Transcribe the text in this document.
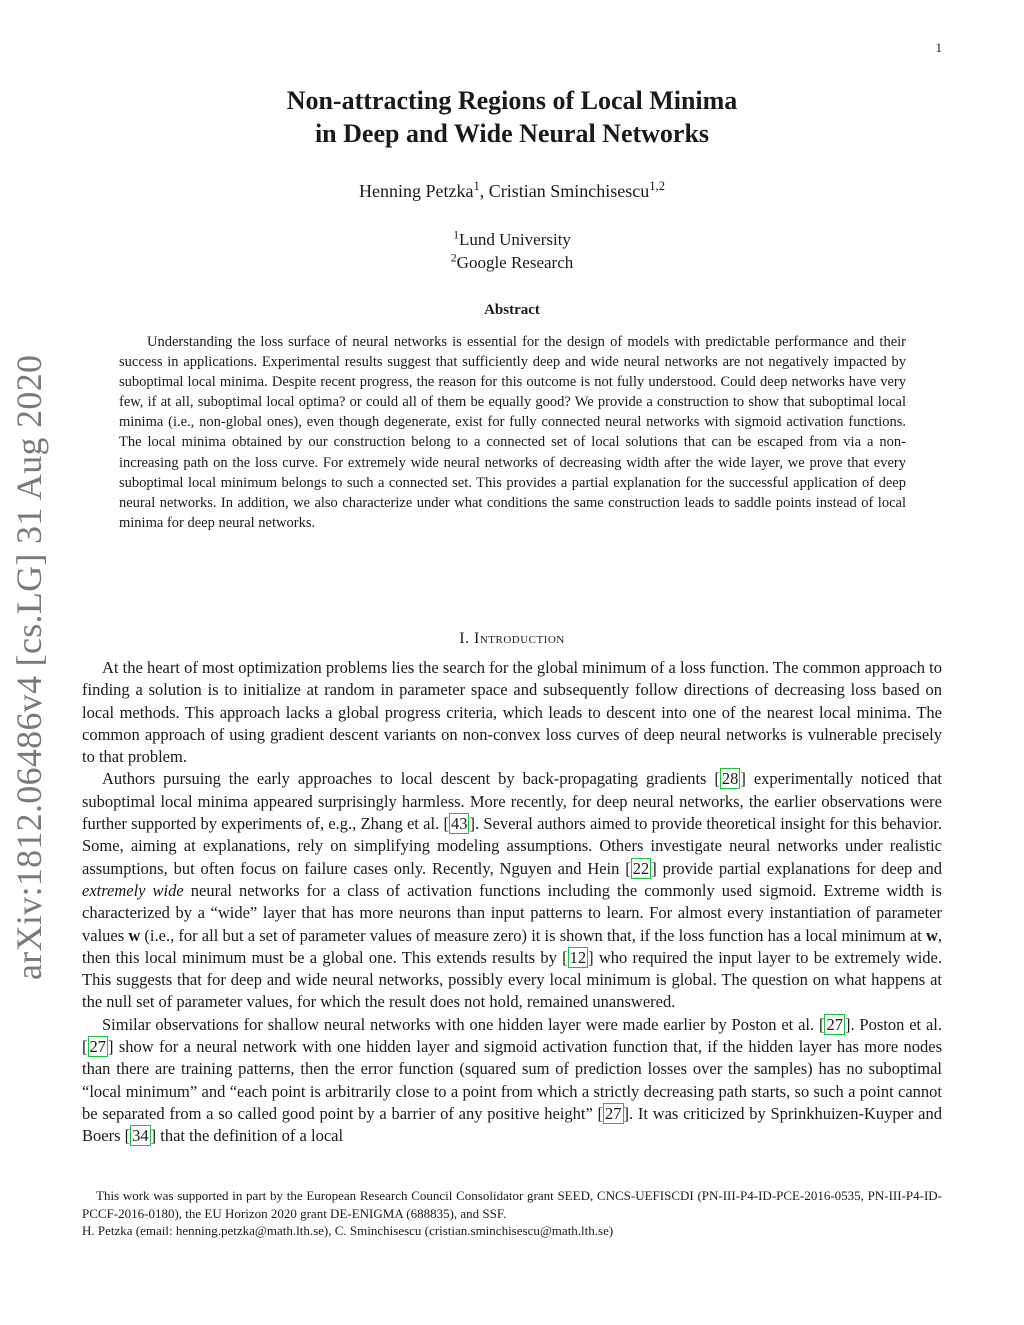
1
arXiv:1812.06486v4 [cs.LG] 31 Aug 2020
Non-attracting Regions of Local Minima
in Deep and Wide Neural Networks
Henning Petzka$^1$, Cristian Sminchisescu$^{1,2}$
$^1$Lund University
$^2$Google Research
Abstract

Understanding the loss surface of neural networks is essential for the design of models with predictable performance and their success in applications. Experimental results suggest that sufficiently deep and wide neural networks are not negatively impacted by suboptimal local minima. Despite recent progress, the reason for this outcome is not fully understood. Could deep networks have very few, if at all, suboptimal local optima? or could all of them be equally good? We provide a construction to show that suboptimal local minima (i.e., non-global ones), even though degenerate, exist for fully connected neural networks with sigmoid activation functions. The local minima obtained by our construction belong to a connected set of local solutions that can be escaped from via a non-increasing path on the loss curve. For extremely wide neural networks of decreasing width after the wide layer, we prove that every suboptimal local minimum belongs to such a connected set. This provides a partial explanation for the successful application of deep neural networks. In addition, we also characterize under what conditions the same construction leads to saddle points instead of local minima for deep neural networks.

I. Introduction

At the heart of most optimization problems lies the search for the global minimum of a loss function. The common approach to finding a solution is to initialize at random in parameter space and subsequently follow directions of decreasing loss based on local methods. This approach lacks a global progress criteria, which leads to descent into one of the nearest local minima. The common approach of using gradient descent variants on non-convex loss curves of deep neural networks is vulnerable precisely to that problem.

Authors pursuing the early approaches to local descent by back-propagating gradients [ 28 ] experimentally noticed that suboptimal local minima appeared surprisingly harmless. More recently, for deep neural networks, the earlier observations were further supported by experiments of, e.g., Zhang et al. [ 43 ]. Several authors aimed to provide theoretical insight for this behavior. Some, aiming at explanations, rely on simplifying modeling assumptions. Others investigate neural networks under realistic assumptions, but often focus on failure cases only. Recently, Nguyen and Hein [ 22 ] provide partial explanations for deep and extremely wide neural networks for a class of activation functions including the commonly used sigmoid. Extreme width is characterized by a “wide” layer that has more neurons than input patterns to learn. For almost every instantiation of parameter values w (i.e., for all but a set of parameter values of measure zero) it is shown that, if the loss function has a local minimum at w, then this local minimum must be a global one. This extends results by [ 12 ] who required the input layer to be extremely wide. This suggests that for deep and wide neural networks, possibly every local minimum is global. The question on what happens at the null set of parameter values, for which the result does not hold, remained unanswered.

Similar observations for shallow neural networks with one hidden layer were made earlier by Poston et al. [ 27 ]. Poston et al. [ 27 ] show for a neural network with one hidden layer and sigmoid activation function that, if the hidden layer has more nodes than there are training patterns, then the error function (squared sum of prediction losses over the samples) has no suboptimal “local minimum” and “each point is arbitrarily close to a point from which a strictly decreasing path starts, so such a point cannot be separated from a so called good point by a barrier of any positive height” [ 27 ]. It was criticized by Sprinkhuizen-Kuyper and Boers [ 34 ] that the definition of a local

This work was supported in part by the European Research Council Consolidator grant SEED, CNCS-UEFISCDI (PN-III-P4-ID-PCE-2016-0535, PN-III-P4-ID-PCCF-2016-0180), the EU Horizon 2020 grant DE-ENIGMA (688835), and SSF.

H. Petzka (email: henning.petzka@math.lth.se), C. Sminchisescu (cristian.sminchisescu@math.lth.se)
